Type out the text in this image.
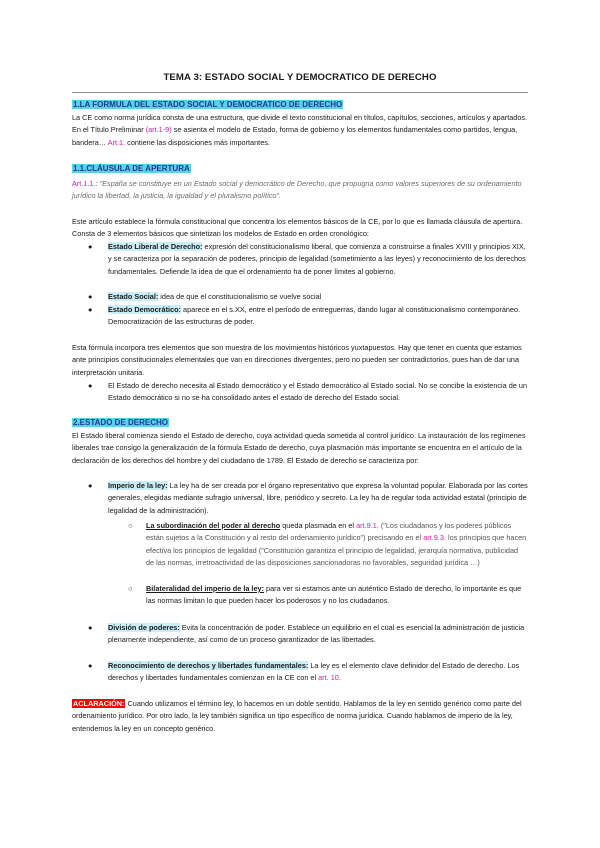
TEMA 3: ESTADO SOCIAL Y DEMOCRATICO DE DERECHO
1.LA FORMULA DEL ESTADO SOCIAL Y DEMOCRATICO DE DERECHO

La CE como norma jurídica consta de una estructura, que divide el texto constitucional en títulos, capítulos, secciones, artículos y apartados. En el Título Preliminar (art.1-9) se asienta el modelo de Estado, forma de gobierno y los elementos fundamentales como partidos, lengua, bandera… Art.1. contiene las disposiciones más importantes.

1.1.CLÁUSULA DE APERTURA

Art.1.1.: "España se constituye en un Estado social y democrático de Derecho, que propugna como valores superiores de su ordenamiento jurídico la libertad, la justicia, la igualdad y el pluralismo político".

Este artículo establece la fórmula constitucional que concentra los elementos básicos de la CE, por lo que es llamada cláusula de apertura. Consta de 3 elementos básicos que sintetizan los modelos de Estado en orden cronológico:

● Estado Liberal de Derecho: expresión del constitucionalismo liberal, que comienza a construirse a finales XVIII y principios XIX, y se caracteriza por la separación de poderes, principio de legalidad (sometimiento a las leyes) y reconocimiento de los derechos fundamentales. Defiende la idea de que el ordenamiento ha de poner límites al gobierno.

● Estado Social: idea de que el constitucionalismo se vuelve social

● Estado Democrático: aparece en el s.XX, entre el período de entreguerras, dando lugar al constitucionalismo contemporáneo. Democratización de las estructuras de poder.

Esta fórmula incorpora tres elementos que son muestra de los movimientos históricos yuxtapuestos. Hay que tener en cuenta que estamos ante principios constitucionales elementales que van en direcciones divergentes, pero no pueden ser contradictorios, pues han de dar una interpretación unitaria.

● El Estado de derecho necesita al Estado democrático y el Estado democrático al Estado social. No se concibe la existencia de un Estado democrático si no se ha consolidado antes el estado de derecho del Estado social.

2.ESTADO DE DERECHO

El Estado liberal comienza siendo el Estado de derecho, cuya actividad queda sometida al control jurídico. La instauración de los regímenes liberales trae consigo la generalización de la fórmula Estado de derecho, cuya plasmación más importante se encuentra en el artículo de la declaración de los derechos del hombre y del ciudadano de 1789. El Estado de derecho se caracteriza por:

● Imperio de la ley: La ley ha de ser creada por el órgano representativo que expresa la voluntad popular. Elaborada por las cortes generales, elegidas mediante sufragio universal, libre, periódico y secreto. La ley ha de regular toda actividad estatal (principio de legalidad de la administración).

○ La subordinación del poder al derecho queda plasmada en el art.9.1. ("Los ciudadanos y los poderes públicos están sujetos a la Constitución y al resto del ordenamiento jurídico") precisando en el art.9.3. los principios que hacen efectiva los principios de legalidad ("Constitución garantiza el principio de legalidad, jerarquía normativa, publicidad de las normas, irretroactividad de las disposiciones sancionadoras no favorables, seguridad jurídica …)

○ Bilateralidad del imperio de la ley: para ver si estamos ante un auténtico Estado de derecho, lo importante es que las normas limitan lo que pueden hacer los poderosos y no los ciudadanos.

● División de poderes: Evita la concentración de poder. Establece un equilibrio en el cual es esencial la administración de justicia plenamente independiente, así como de un proceso garantizador de las libertades.

● Reconocimiento de derechos y libertades fundamentales: La ley es el elemento clave definidor del Estado de derecho. Los derechos y libertades fundamentales comienzan en la CE con el art. 10.

ACLARACIÓN: Cuando utilizamos el término ley, lo hacemos en un doble sentido. Hablamos de la ley en sentido genérico como parte del ordenamiento jurídico. Por otro lado, la ley también significa un tipo específico de norma jurídica. Cuando hablamos de imperio de la ley, entendemos la ley en un concepto genérico.
